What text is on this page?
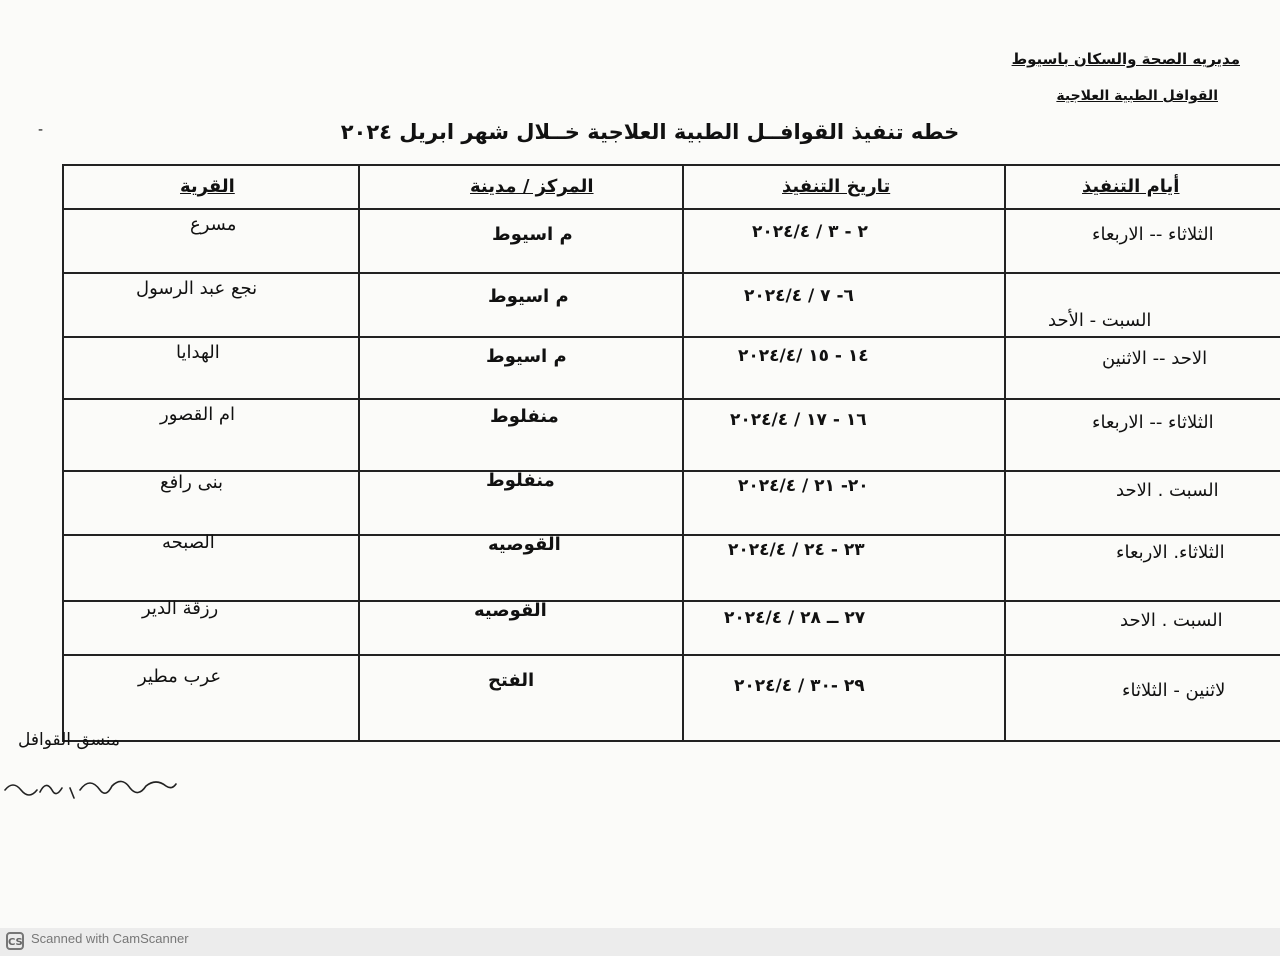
مديريه الصحة والسكان باسيوط
القوافل الطبية العلاجية
-	خطه تنفيذ القوافــل الطبية العلاجية خــلال شهر ابريل ٢٠٢٤
أيام التنفيذ
تاريخ التنفيذ
المركز / مدينة
القرية
الثلاثاء -- الاربعاء
٢ - ٣ / ٢٠٢٤/٤
م اسيوط
مسرع
السبت - الأحد
٦- ٧ / ٢٠٢٤/٤
م اسيوط
نجع عبد الرسول
الاحد -- الاثنين
١٤ - ١٥ /٢٠٢٤/٤
م اسيوط
الهدايا
الثلاثاء -- الاربعاء
١٦ - ١٧ / ٢٠٢٤/٤
منفلوط
ام القصور
السبت . الاحد
٢٠- ٢١ / ٢٠٢٤/٤
منفلوط
بنى رافع
الثلاثاء. الاربعاء
٢٣ - ٢٤ / ٢٠٢٤/٤
القوصيه
الصبحه
السبت . الاحد
٢٧ ــ ٢٨ / ٢٠٢٤/٤
القوصيه
رزقة الدير
لاثنين - الثلاثاء
٢٩ -٣٠ / ٢٠٢٤/٤
الفتح
عرب مطير
منسق القوافل
CS Scanned with CamScanner
